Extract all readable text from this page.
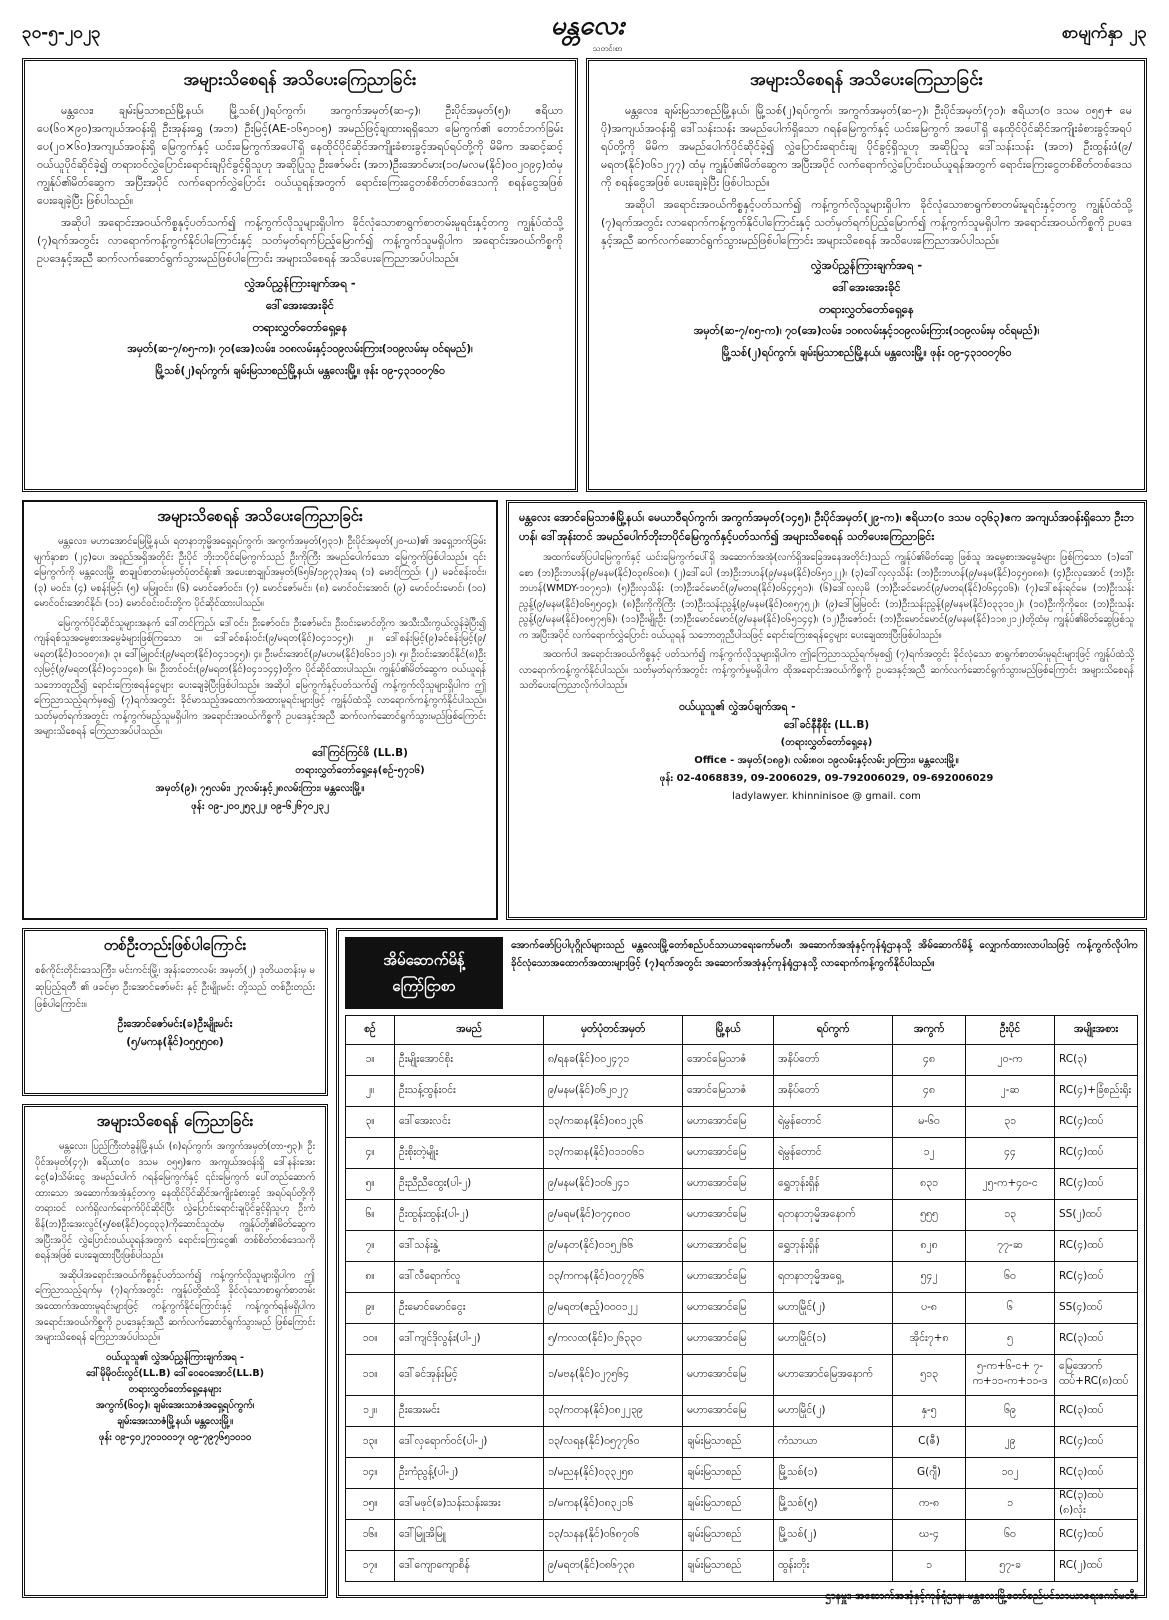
၃၀-၅-၂၀၂၃	မန္တလေး
သတင်းစာ
စာမျက်နှာ ၂၃
အများသိစေရန် အသိပေးကြေညာခြင်း

မန္တလေး၊ ချမ်းမြသာစည်မြို့နယ်၊ မြို့သစ်(၂)ရပ်ကွက်၊ အကွက်အမှတ်(ဆ-၄)၊ ဦးပိုင်အမှတ်(၅)၊ ဧရိယာ ပေ(၆၀×၉၀)အကျယ်အဝန်းရှိ ဦးအုန်းရွှေ (အဘ) ဦးမြင့်(AE-၁၆၅၁၀၅) အမည်ဖြင့်ချထားရရှိသော မြေကွက်၏ တောင်ဘက်ခြမ်း ပေ(၂၀×၆၀)အကျယ်အဝန်းရှိ မြေကွက်နှင့် ယင်းမြေကွက်အပေါ်ရှိ နေထိုင်ပိုင်ဆိုင်အကျိုးခံစားခွင့်အရပ်ရပ်တို့ကို မိမိက အဆင့်ဆင့်ဝယ်ယူပိုင်ဆိုင်ခဲ့၍ တရားဝင်လွှဲပြောင်းရောင်းချပိုင်ခွင့်ရှိသူဟု အဆိုပြုသူ ဦးဇော်မင်း (အဘ)ဦးအောင်မား(၁၀/မလမ(နိုင်)၀၀၂၀၉၄)ထံမှ ကျွန်ုပ်၏မိတ်ဆွေက အပြီးအပိုင် လက်ရောက်လွှဲပြောင်း ဝယ်ယူရန်အတွက် ရောင်းကြေးငွေတစ်စိတ်တစ်ဒေသကို စရန်ငွေအဖြစ် ပေးချေခဲ့ပြီး ဖြစ်ပါသည်။

အဆိုပါ အရောင်းအဝယ်ကိစ္စနှင့်ပတ်သက်၍ ကန့်ကွက်လိုသူများရှိပါက ခိုင်လုံသောစာရွက်စာတမ်းမူရင်းနှင့်တကွ ကျွန်ုပ်ထံသို့ (၇)ရက်အတွင်း လာရောက်ကန့်ကွက်နိုင်ပါကြောင်းနှင့် သတ်မှတ်ရက်ပြည့်မြောက်၍ ကန့်ကွက်သူမရှိပါက အရောင်းအဝယ်ကိစ္စကို ဥပဒေနှင့်အညီ ဆက်လက်ဆောင်ရွက်သွားမည်ဖြစ်ပါကြောင်း အများသိစေရန် အသိပေးကြေညာအပ်ပါသည်။

လွှဲအပ်ညွှန်ကြားချက်အရ -

ဒေါ်အေးအေးခိုင်

တရားလွှတ်တော်ရှေ့နေ

အမှတ်(ဆ-၇/၈၅-က)၊ ၇၀(အေ)လမ်း၊ ၁၀၈လမ်းနှင့်၁၀၉လမ်းကြား(၁၀၉လမ်းမှ ဝင်ရမည်)၊

မြို့သစ်(၂)ရပ်ကွက်၊ ချမ်းမြသာစည်မြို့နယ်၊ မန္တလေးမြို့။ ဖုန်း ၀၉-၄၃၁၀၀၇၆၀

အများသိစေရန် အသိပေးကြေညာခြင်း

မန္တလေး၊ ချမ်းမြသာစည်မြို့နယ်၊ မြို့သစ်(၂)ရပ်ကွက်၊ အကွက်အမှတ်(ဆ-၇)၊ ဦးပိုင်အမှတ်(၇၁)၊ ဧရိယာ(၀ ဒသမ ၀၅၅+ မေပို)အကျယ်အဝန်းရှိ ဒေါ်သန်းသန်း အမည်ပေါက်ရှိသော ဂရန်မြေကွက်နှင့် ယင်းမြေကွက် အပေါ်ရှိ နေထိုင်ပိုင်ဆိုင်အကျိုးခံစားခွင့်အရပ်ရပ်တို့ကို မိမိက အမည်ပေါက်ပိုင်ဆိုင်ခဲ့၍ လွှဲပြောင်းရောင်းချ ပိုင်ခွင့်ရှိသူဟု အဆိုပြုသူ ဒေါ်သန်းသန်း (အဘ) ဦးထွန်းဖံ(၉/မရတ(နိုင်)၀၆၁၂၇၇) ထံမှ ကျွန်ုပ်၏မိတ်ဆွေက အပြီးအပိုင် လက်ရောက်လွှဲပြောင်းဝယ်ယူရန်အတွက် ရောင်းကြေးငွေတစ်စိတ်တစ်ဒေသကို စရန်ငွေအဖြစ် ပေးချေခဲ့ပြီး ဖြစ်ပါသည်။

အဆိုပါ အရောင်းအဝယ်ကိစ္စနှင့်ပတ်သက်၍ ကန့်ကွက်လိုသူများရှိပါက ခိုင်လုံသောစာရွက်စာတမ်းမူရင်းနှင့်တကွ ကျွန်ုပ်ထံသို့ (၇)ရက်အတွင်း လာရောက်ကန့်ကွက်နိုင်ပါကြောင်းနှင့် သတ်မှတ်ရက်ပြည့်မြောက်၍ ကန့်ကွက်သူမရှိပါက အရောင်းအဝယ်ကိစ္စကို ဥပဒေနှင့်အညီ ဆက်လက်ဆောင်ရွက်သွားမည်ဖြစ်ပါကြောင်း အများသိစေရန် အသိပေးကြေညာအပ်ပါသည်။

လွှဲအပ်ညွှန်ကြားချက်အရ -

ဒေါ်အေးအေးခိုင်

တရားလွှတ်တော်ရှေ့နေ

အမှတ်(ဆ-၇/၈၅-က)၊ ၇၀(အေ)လမ်း၊ ၁၀၈လမ်းနှင့်၁၀၉လမ်းကြား(၁၀၉လမ်းမှ ဝင်ရမည်)၊

မြို့သစ်(၂)ရပ်ကွက်၊ ချမ်းမြသာစည်မြို့နယ်၊ မန္တလေးမြို့။ ဖုန်း ၀၉-၄၃၁၀၀၇၆၀

အများသိစေရန် အသိပေးကြေညာခြင်း

မန္တလေး၊ မဟာအောင်မြေမြို့နယ်၊ ရတနာဘုမ္မိအရှေ့ရပ်ကွက်၊ အကွက်အမှတ်(၅၃၁)၊ ဦးပိုင်အမှတ်(၂၀-ဃ)၏ အရှေ့ဘက်ခြမ်း မျက်နှာစာ (၂၄)ပေ၊ အရှည်အရှိအတိုင်း ဦးပိုင် ဘိုးဘပိုင်မြေကွက်သည် ဦးကိုကြီး အမည်ပေါက်သော မြေကွက်ဖြစ်ပါသည်။ ၎င်းမြေကွက်ကို မန္တလေးမြို့ စာချုပ်စာတမ်းမှတ်ပုံတင်ရုံး၏ အပေးစာချုပ်အမှတ်(၆၅၆/၁၉၇၃)အရ (၁) မောင်ကြည်၊ (၂) မခင်စန်းဝင်း၊ (၃) မဝင်း၊ (၄) မစန်းမြင့်၊ (၅) မမြူဝင်း၊ (၆) မောင်ဇော်ဝင်း၊ (၇) မောင်ဇော်မင်း၊ (၈) မောင်ဝင်းအောင်၊ (၉) မောင်ဝင်းမောင်၊ (၁၀) မောင်ဝင်းအောင်နိုင်၊ (၁၁) မောင်ဝင်းဝင်းတို့က ပိုင်ဆိုင်ထားပါသည်။

မြေကွက်ပိုင်ဆိုင်သူများအနက် ဒေါ်တင်ကြည်၊ ဒေါ်ဝင်း၊ ဦးဇော်ဝင်း၊ ဦးဇော်မင်း၊ ဦးဝင်းမောင်တို့က အသီးသီးကွယ်လွန်ခဲ့ပြီး၍ ကျန်ရစ်သူအမွေစားအမွေခံများဖြစ်ကြသော ၁။ ဒေါ်ခင်စန်းဝင်း(၉/မရတ(နိုင်)၀၄၁၁၄၅)၊ ၂။ ဒေါ်စန်းမြင့်(၉)ခင်စန်းမြင့်(၉/မရတ(နိုင်)၀၁၀၀၇၈)၊ ၃။ ဒေါ်မြူဝင်း(၉/မရတ(နိုင်)၀၄၁၁၄၅)၊ ၄။ ဦးမင်းအောင်(၉/မဟမ(နိုင်)၀၆၁၁၂၁)၊ ၅။ ဦးဝင်းအောင်နိုင်(၈)ဦးလှမြင့်(၉/မရတ(နိုင်)၀၄၁၁၄၈)၊ ၆။ ဦးတင်ဝင်း(၉/မရတ(နိုင်)၀၄၁၁၄၄)တို့က ပိုင်ဆိုင်ထားပါသည်။ ကျွန်ုပ်၏မိတ်ဆွေက ဝယ်ယူရန်သဘောတူညီ၍ ရောင်းကြေးစရန်ငွေများ ပေးချေခဲ့ပြီးဖြစ်ပါသည်။ အဆိုပါ မြေကွက်နှင့်ပတ်သက်၍ ကန့်ကွက်လိုသူများရှိပါက ဤကြေညာသည့်ရက်မှစ၍ (၇)ရက်အတွင်း ခိုင်မာသည့်အထောက်အထားမူရင်းများဖြင့် ကျွန်ုပ်ထံသို့ လာရောက်ကန့်ကွက်နိုင်ပါသည်။ သတ်မှတ်ရက်အတွင်း ကန့်ကွက်မည့်သူမရှိပါက အရောင်းအဝယ်ကိစ္စကို ဥပဒေနှင့်အညီ ဆက်လက်ဆောင်ရွက်သွားမည်ဖြစ်ကြောင်း အများသိစေရန် ကြေညာအပ်ပါသည်။

ဒေါ်ကြင်ကြင်ဖိ (LL.B)

တရားလွှတ်တော်ရှေ့နေ(စဉ်-၅၇၁၆)

အမှတ်(၉)၊ ၇၅လမ်း၊ ၂၇လမ်းနှင့်၂၈လမ်းကြား၊ မန္တလေးမြို့။

ဖုန်း ၀၉-၂၀၀၂၅၃၂၂၊ ၀၉-၆၂၆၇၀၂၃၂

မန္တလေး အောင်မြေသာဇံမြို့နယ်၊ မေယာဝီရပ်ကွက်၊ အကွက်အမှတ်(၁၄၅)၊ ဦးပိုင်အမှတ်(၂၉-က)၊ ဧရိယာ(၀ ဒသမ ၀၃၆၃)ဧက အကျယ်အဝန်းရှိသော ဦးဘဟန်၊ ဒေါ်အုန်းတင် အမည်ပေါက်ဘိုးဘပိုင်မြေကွက်နှင့်ပတ်သက်၍ အများသိစေရန် သတိပေးကြေညာခြင်း

အထက်ဖော်ပြပါမြေကွက်နှင့် ယင်းမြေကွက်ပေါ်ရှိ အဆောက်အအုံ(လက်ရှိအခြေအနေအတိုင်း)သည် ကျွန်ုပ်၏မိတ်ဆွေ ဖြစ်သူ အမွေစားအမွေခံများ ဖြစ်ကြသော (၁)ဒေါ်စော (ဘ)ဦးဘဟန်(၉/မနမ(နိုင်)၀၃၈၆၀၈)၊ (၂)ဒေါ်ပေါ (ဘ)ဦးဘဟန်(၉/မနမ(နိုင်)၀၆၅၁၂၂)၊ (၃)ဒေါ်လှလှသိန်း (ဘ)ဦးဘဟန်(၉/မနမ(နိုင်)၀၄၅၀၈၈)၊ (၄)ဦးလှအောင် (ဘ)ဦးဘဟန်(WMDY-၁၀၇၅၁)၊ (၅)ဦးလှသိန်း (ဘ)ဦးခင်မောင်(၉/မတရ(နိုင်)၀၆၄၄၅၁)၊ (၆)ဒေါ်လှလှမိ (ဘ)ဦးခင်မောင်(၉/မတရ(နိုင်)၀၆၄၄၀၆)၊ (၇)ဒေါ်စန်းရင်မေ (ဘ)ဦးသန်းညွန့်(၉/မနမ(နိုင်)၀၆၅၅၀၄)၊ (၈)ဦးကိုကိုကြီး (ဘ)ဦးသန်းညွန့်(၉/မနမ(နိုင်)၀၈၅၇၅၂)၊ (၉)ဒေါ်မြမြဝင်း (ဘ)ဦးသန်းညွန့်(၉/မနမ(နိုင်)၀၃၃၁၀၂)၊ (၁၀)ဦးကိုကိုဝေး (ဘ)ဦးသန်းညွန့်(၉/မနမ(နိုင်)၀၈၅၇၅၆)၊ (၁၁)ဦးမျိုးဦး (ဘ)ဦးမောင်မောင်(၉/မနမ(နိုင်)၀၆၅၁၄၄)၊ (၁၂)ဦးဇော်ဝင်း (ဘ)ဦးမောင်မောင်(၉/မနမ(နိုင်)၁၁၈၂၁၂)တို့ထံမှ ကျွန်ုပ်၏မိတ်ဆွေဖြစ်သူက အပြီးအပိုင် လက်ရောက်လွှဲပြောင်း ဝယ်ယူရန် သဘောတူညီပါသဖြင့် ရောင်းကြေးစရန်ငွေများ ပေးချေထားပြီးဖြစ်ပါသည်။

အထက်ပါ အရောင်းအဝယ်ကိစ္စနှင့် ပတ်သက်၍ ကန့်ကွက်လိုသူများရှိပါက ဤကြေညာသည့်ရက်မှစ၍ (၇)ရက်အတွင်း ခိုင်လုံသော စာရွက်စာတမ်းမူရင်းများဖြင့် ကျွန်ုပ်ထံသို့ လာရောက်ကန့်ကွက်နိုင်ပါသည်။ သတ်မှတ်ရက်အတွင်း ကန့်ကွက်မှုမရှိပါက ထိုအရောင်းအဝယ်ကိစ္စကို ဥပဒေနှင့်အညီ ဆက်လက်ဆောင်ရွက်သွားမည်ဖြစ်ကြောင်း အများသိစေရန် သတိပေးကြေညာလိုက်ပါသည်။

ဝယ်ယူသူ၏ လွှဲအပ်ချက်အရ -

ဒေါ်ခင်နီနီစိုး (LL.B)

(တရားလွှတ်တော်ရှေ့နေ)

Office - အမှတ်(၁၈၉)၊ လမ်း၈၀၊ ၁၉လမ်းနှင့်လမ်း၂၀ကြား၊ မန္တလေးမြို့။

ဖုန်း 02-4068839, 09-2006029, 09-792006029, 09-692006029

ladylawyer. khinninisoe @ gmail. com

တစ်ဦးတည်းဖြစ်ပါကြောင်း
စစ်ကိုင်းတိုင်းဒေသကြီး၊ မင်းကင်းမြို့၊ အုန်းတောလမ်း အမှတ်(၂) ဒုတိယတန်းမှ မဆုပြည့်ရတီ ၏ ဖခင်မှာ ဦးအောင်ဇော်မင်း နှင့် ဦးမျိုးမင်း တို့သည် တစ်ဦးတည်း ဖြစ်ပါကြောင်း။

ဦးအောင်ဇော်မင်း(ခ)ဦးမျိုးမင်း

(၅/မကန(နိုင်)၀၅၅၅၀၈)

အများသိစေရန် ကြေညာခြင်း

မန္တလေး၊ ပြည်ကြီးတံခွန်မြို့နယ်၊ (၈)ရပ်ကွက်၊ အကွက်အမှတ်(တာ-၅၃)၊ ဦးပိုင်အမှတ်(၄၇)၊ ဧရိယာ(၀ ဒသမ ၀၅၅)ဧက အကျယ်အဝန်းရှိ ဒေါ်နန်းအေးငွေ(ခ)သိမ်းငွေ အမည်ပေါက် ဂရန်မြေကွက်နှင့် ၎င်းမြေကွက် ပေါ်တည်ဆောက်ထားသော အဆောက်အအုံနှင့်တကွ နေထိုင်ပိုင်ဆိုင်အကျိုးခံစားခွင့် အရပ်ရပ်တို့ကို တရားဝင် လက်ရှိလက်ရောက်ပိုင်ဆိုင်ပြီး လွှဲပြောင်းရောင်းချပိုင်ခွင့်ရှိသူဟု ဦးကံစိန်(ဘ)ဦးအေးလွင်(၅/စစ(နိုင်)၀၄၀၃၃)ကိုဆောင်သူထံမှ ကျွန်ုပ်တို့၏မိတ်ဆွေက အပြီးအပိုင် လွှဲပြောင်းဝယ်ယူရန်အတွက် ရောင်းကြေးငွေ၏ တစ်စိတ်တစ်ဒေသကို စရန်အဖြစ် ပေးချေထားပြီးဖြစ်ပါသည်။

အဆိုပါအရောင်းအဝယ်ကိစ္စနှင့်ပတ်သက်၍ ကန့်ကွက်လိုသူများရှိပါက ဤကြေညာသည့်ရက်မှ (၇)ရက်အတွင်း ကျွန်ုပ်တို့ထံသို့ ခိုင်လုံသောစာရွက်စာတမ်း အထောက်အထားမူရင်းများဖြင့် ကန့်ကွက်နိုင်ကြောင်းနှင့် ကန့်ကွက်ရန်မရှိပါက အရောင်းအဝယ်ကိစ္စကို ဥပဒေနှင့်အညီ ဆက်လက်ဆောင်ရွက်သွားမည် ဖြစ်ကြောင်း အများသိစေရန် ကြေညာအပ်ပါသည်။

ဝယ်ယူသူ၏ လွှဲအပ်ညွှန်ကြားချက်အရ -

ဒေါ်မိုမိုဝင်းလွင်(LL.B) ဒေါ်ဝေဝေအောင်(LL.B)

တရားလွှတ်တော်ရှေ့နေများ

အကွက်(၆၀၄)၊ ချမ်းအေးသာဇံအရှေ့ရပ်ကွက်၊

ချမ်းအေးသာဇံမြို့နယ်၊ မန္တလေးမြို့။

ဖုန်း ၀၉-၄၀၂၇၀၁၀၀၁၇၊ ၀၉-၇၉၇၆၅၁၀၁၀

အိမ်ဆောက်မိန့်
ကြော်ငြာစာ
အောက်ဖော်ပြပါပုဂ္ဂိုလ်များသည် မန္တလေးမြို့တော်စည်ပင်သာယာရေးကော်မတီ၊ အဆောက်အအုံနှင့်ကုန်ရုံဌာနသို့ အိမ်ဆောက်မိန့် လျှောက်ထားလာပါသဖြင့် ကန့်ကွက်လိုပါက ခိုင်လုံသောအထောက်အထားများဖြင့် (၇)ရက်အတွင်း အဆောက်အအုံနှင့်ကုန်ရုံဌာနသို့ လာရောက်ကန့်ကွက်နိုင်ပါသည်။
စဉ်	အမည်	မှတ်ပုံတင်အမှတ်	မြို့နယ်	ရပ်ကွက်	အကွက်	ဦးပိုင်	အမျိုးအစား
၁။	ဦးမျိုးအောင်စိုး	၈/ရနခ(နိုင်)၀၀၂၄၇၁	အောင်မြေသာဇံ	အနိပ်တော်	၄၈	၂၀-က	RC(၃)
၂။	ဦးသန့်ထွန်းဝင်း	၉/မနမ(နိုင်)၀၆၂၀၂၇	အောင်မြေသာဇံ	အနိပ်တော်	၄၈	၂-ဆ	RC(၄)+ခြံစည်းရိုး
၃။	ဒေါ်အေးလင်း	၁၃/ကဆန(နိုင်)၀၈၁၂၃၆	မဟာအောင်မြေ	ရဲမွန်တောင်	မ-၆၀	၃၁	RC(၄)ထပ်
၄။	ဦးစိုးတဲ့မျိုး	၁၃/ကဆန(နိုင်)၀၁၁၀၆၁	မဟာအောင်မြေ	ရဲမွန်တောင်	၁၂	၄၄	RC(၄)ထပ်
၅။	ဦးညီညီထွေး(ပါ-၂)	၉/မနမ(နိုင်)၁၀၆၂၄၁	မဟာအောင်မြေ	ရွှေဘုန်းရှိန်	၈၃၁	၂၅-က+၄၀-င	RC(၄)ထပ်
၆။	ဦးထွန်းထွန်း(ပါ-၂)	၉/မရမ(နိုင်)၀၇၄၈၀၀	မဟာအောင်မြေ	ရတနာဘုမ္မိအနောက်	၅၅၅	၁၃	SS(၂)ထပ်
၇။	ဒေါ်သန်းနွဲ့	၉/မနတ(နိုင်)၀၁၅၂၆၆	မဟာအောင်မြေ	ရွှေဘုန်းရှိန်	၈၂၈	၇၇-ဆ	RC(၄)ထပ်
၈။	ဒေါ်လီရောက်လူ	၁၃/ကကန(နိုင်)၀၀၇၇၆၆	မဟာအောင်မြေ	ရတနာဘုမ္မိအရှေ့	၅၄၂	၆၀	RC(၄)ထပ်
၉။	ဦးမောင်မောင်ငွေး	၉/မရတ(ဧည့်)၀၀၀၁၂၂	မဟာအောင်မြေ	မဟာမြိုင်(၂)	ပ-၈	၆	SS(၄)ထပ်
၁၀။	ဒေါ်ကျင်ဒိုလွန်း(ပါ-၂)	၅/ကလထ(နိုင်)၀၂၆၃၃၀	မဟာအောင်မြေ	မဟာမြိုင်(၁)	အိုင်း၇+၈	၅	RC(၃)ထပ်
၁၁။	ဒေါ်ခင်အုန်းမြင့်	၁/မဗန(နိုင်)၀၂၇၅၆၄	မဟာအောင်မြေ	မဟာအောင်မြေအနောက်	၅၁၃	၅-က+၆-င+ ၇-က+၁၁-က+၁၁-ဒ	မြေအောက်ထပ်+RC(၈)ထပ်
၁၂။	ဦးအေးမင်း	၁၃/ကတန(နိုင်)၀၈၂၂၃၉	မဟာအောင်မြေ	မဟာမြိုင်(၂)	နှ-၅	၆၉	RC(၃)ထပ်
၁၃။	ဒေါ်လှရောက်ဝင်(ပါ-၂)	၁၃/လရန(နိုင်)၀၅၇၇၆၀	ချမ်းမြသာစည်	ကံသာယာ	C(ဇီ)	၂၉	RC(၄)ထပ်
၁၄။	ဦးကံညွန့်(ပါ-၂)	၁/မညန(နိုင်)၀၃၃၂၅၈	ချမ်းမြသာစည်	မြို့သစ်(၁)	G(ဂျီ)	၁၀၂	RC(၃)ထပ်
၁၅။	ဒေါ်မဖုင်(ခ)သန်းသန်းအေး	၁/မကန(နိုင်)၀၈၃၂၁၆	ချမ်းမြသာစည်	မြို့သစ်(၅)	က-၈	၁	RC(၃)ထပ် (၈)လုံး
၁၆။	ဒေါ်မြူအိမြူ	၁၃/သနန(နိုင်)၀၆၈၇၀၆	ချမ်းမြသာစည်	မြို့သစ်(၂)	ဃ-၄	၆၀	RC(၄)ထပ်
၁၇။	ဒေါ်ကျောကျောစိန်	၉/မရတ(နိုင်)၀၈၆၇၃၈	ချမ်းမြသာစည်	ထွန်းတိုး	၁	၅၇-ခ	RC(၂)ထပ်
ဌာနမှူး၊ အဆောက်အအုံနှင့်ကုန်ရုံဌာန၊ မန္တလေးမြို့တော်စည်ပင်သာယာရေးကော်မတီ။
